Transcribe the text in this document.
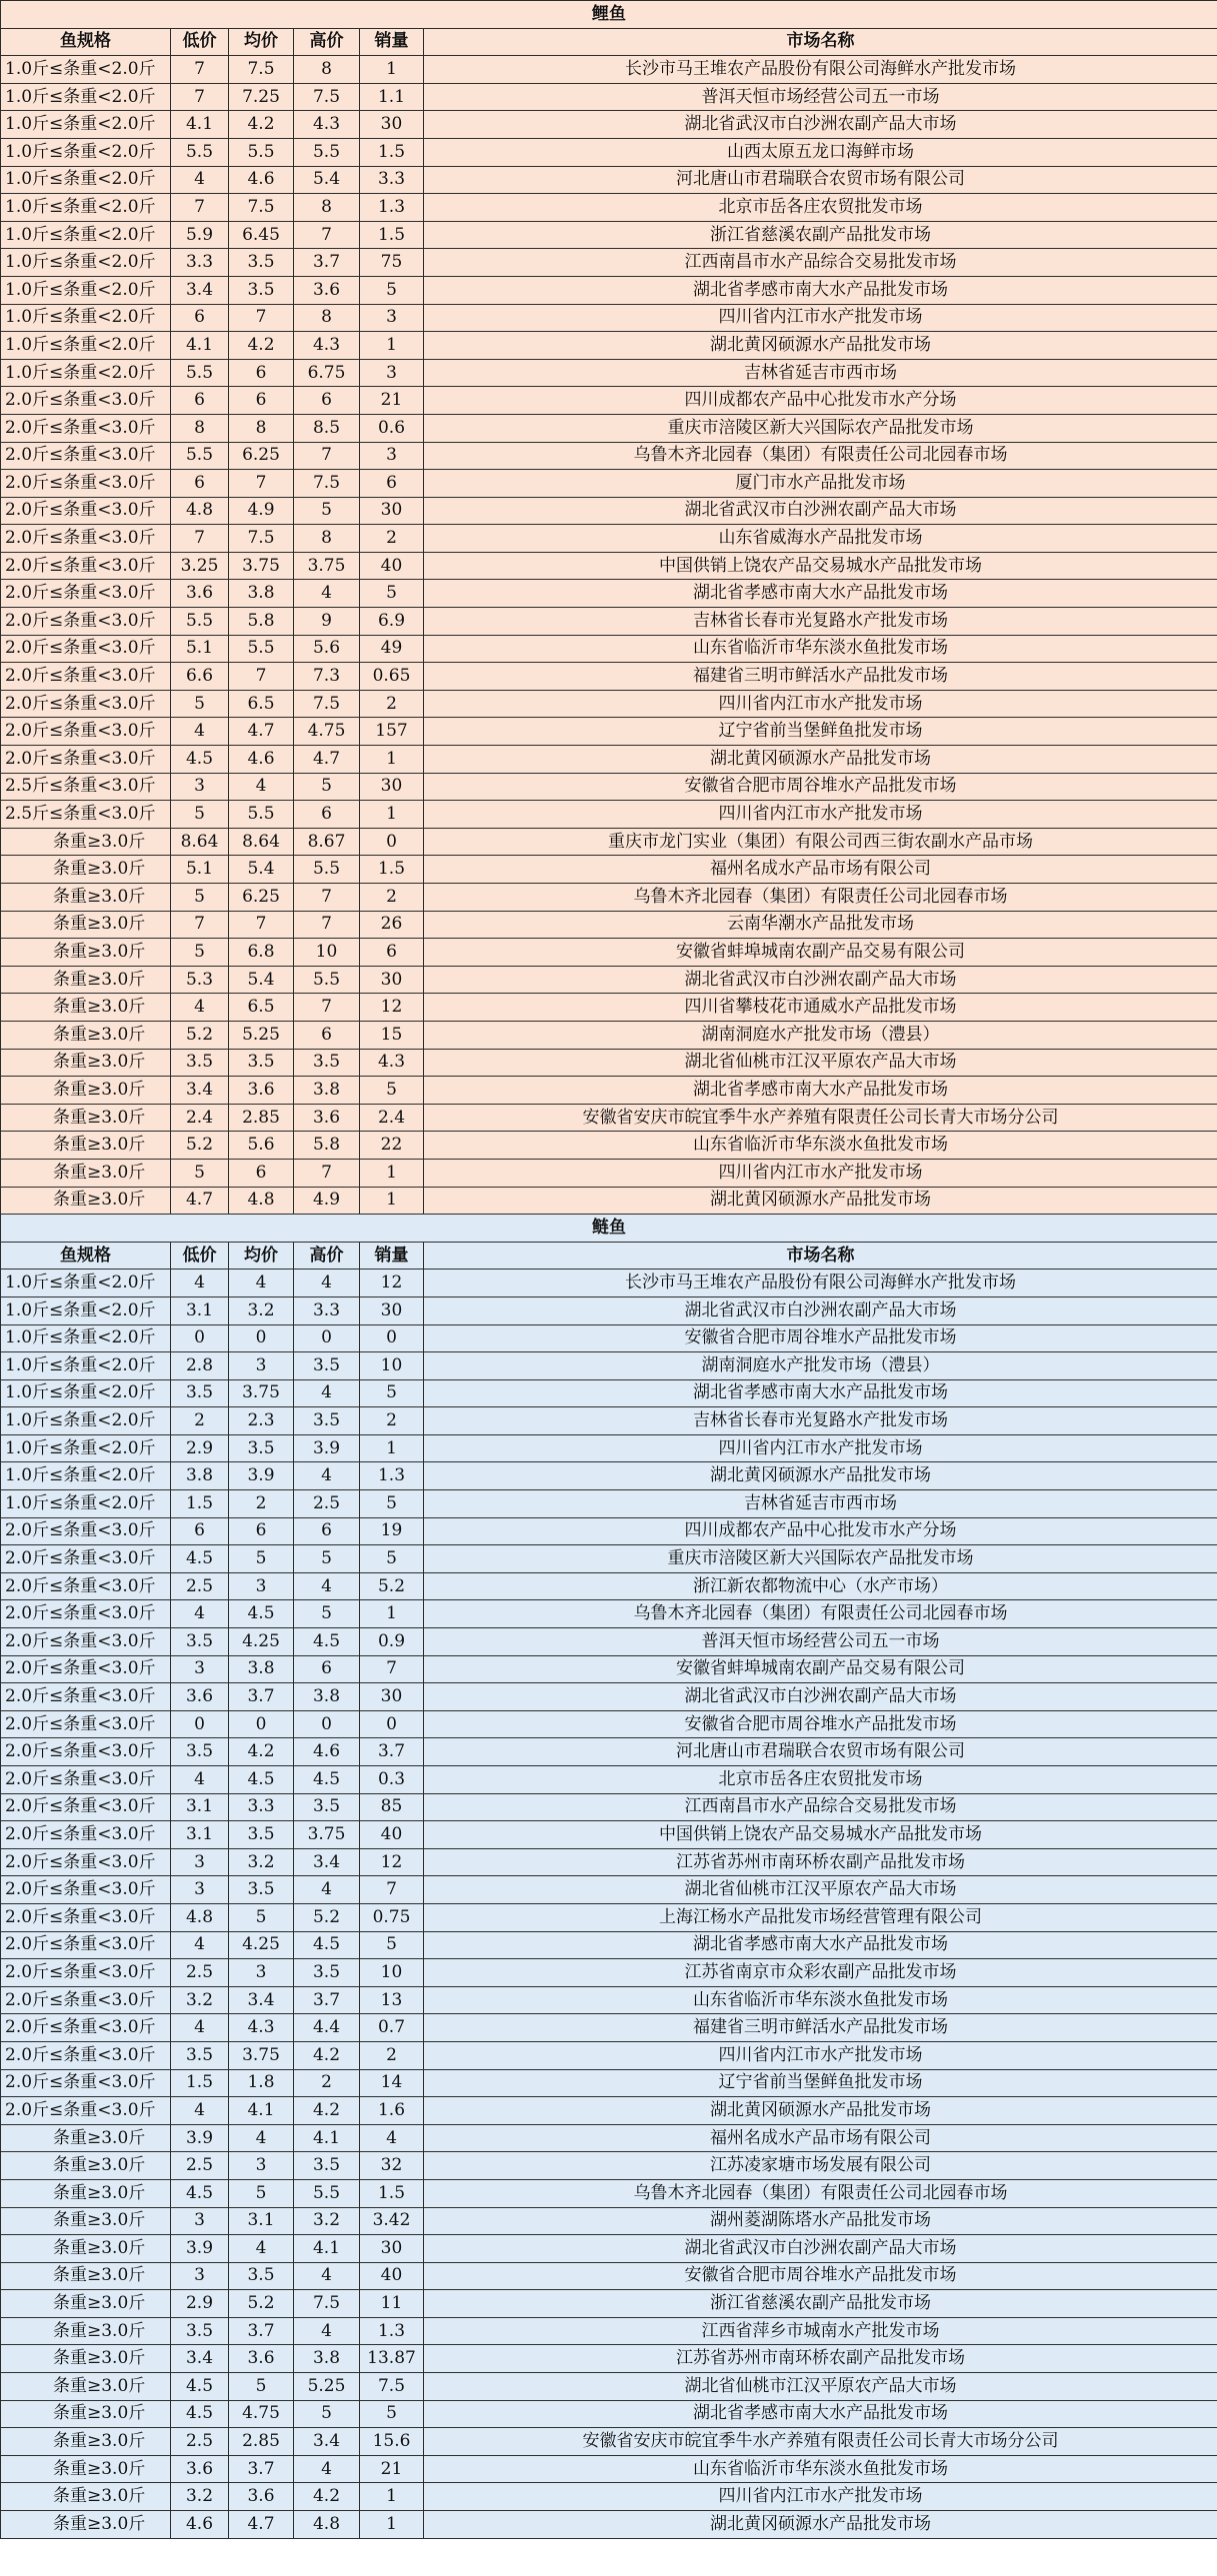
鲤鱼					
鱼规格	低价	均价	高价	销量	市场名称
1.0斤≤条重<2.0斤	7	7.5	8	1	长沙市马王堆农产品股份有限公司海鲜水产批发市场
1.0斤≤条重<2.0斤	7	7.25	7.5	1.1	普洱天恒市场经营公司五一市场
1.0斤≤条重<2.0斤	4.1	4.2	4.3	30	湖北省武汉市白沙洲农副产品大市场
1.0斤≤条重<2.0斤	5.5	5.5	5.5	1.5	山西太原五龙口海鲜市场
1.0斤≤条重<2.0斤	4	4.6	5.4	3.3	河北唐山市君瑞联合农贸市场有限公司
1.0斤≤条重<2.0斤	7	7.5	8	1.3	北京市岳各庄农贸批发市场
1.0斤≤条重<2.0斤	5.9	6.45	7	1.5	浙江省慈溪农副产品批发市场
1.0斤≤条重<2.0斤	3.3	3.5	3.7	75	江西南昌市水产品综合交易批发市场
1.0斤≤条重<2.0斤	3.4	3.5	3.6	5	湖北省孝感市南大水产品批发市场
1.0斤≤条重<2.0斤	6	7	8	3	四川省内江市水产批发市场
1.0斤≤条重<2.0斤	4.1	4.2	4.3	1	湖北黄冈硕源水产品批发市场
1.0斤≤条重<2.0斤	5.5	6	6.75	3	吉林省延吉市西市场
2.0斤≤条重<3.0斤	6	6	6	21	四川成都农产品中心批发市水产分场
2.0斤≤条重<3.0斤	8	8	8.5	0.6	重庆市涪陵区新大兴国际农产品批发市场
2.0斤≤条重<3.0斤	5.5	6.25	7	3	乌鲁木齐北园春（集团）有限责任公司北园春市场
2.0斤≤条重<3.0斤	6	7	7.5	6	厦门市水产品批发市场
2.0斤≤条重<3.0斤	4.8	4.9	5	30	湖北省武汉市白沙洲农副产品大市场
2.0斤≤条重<3.0斤	7	7.5	8	2	山东省威海水产品批发市场
2.0斤≤条重<3.0斤	3.25	3.75	3.75	40	中国供销上饶农产品交易城水产品批发市场
2.0斤≤条重<3.0斤	3.6	3.8	4	5	湖北省孝感市南大水产品批发市场
2.0斤≤条重<3.0斤	5.5	5.8	9	6.9	吉林省长春市光复路水产批发市场
2.0斤≤条重<3.0斤	5.1	5.5	5.6	49	山东省临沂市华东淡水鱼批发市场
2.0斤≤条重<3.0斤	6.6	7	7.3	0.65	福建省三明市鲜活水产品批发市场
2.0斤≤条重<3.0斤	5	6.5	7.5	2	四川省内江市水产批发市场
2.0斤≤条重<3.0斤	4	4.7	4.75	157	辽宁省前当堡鲜鱼批发市场
2.0斤≤条重<3.0斤	4.5	4.6	4.7	1	湖北黄冈硕源水产品批发市场
2.5斤≤条重<3.0斤	3	4	5	30	安徽省合肥市周谷堆水产品批发市场
2.5斤≤条重<3.0斤	5	5.5	6	1	四川省内江市水产批发市场
条重≥3.0斤	8.64	8.64	8.67	0	重庆市龙门实业（集团）有限公司西三街农副水产品市场
条重≥3.0斤	5.1	5.4	5.5	1.5	福州名成水产品市场有限公司
条重≥3.0斤	5	6.25	7	2	乌鲁木齐北园春（集团）有限责任公司北园春市场
条重≥3.0斤	7	7	7	26	云南华潮水产品批发市场
条重≥3.0斤	5	6.8	10	6	安徽省蚌埠城南农副产品交易有限公司
条重≥3.0斤	5.3	5.4	5.5	30	湖北省武汉市白沙洲农副产品大市场
条重≥3.0斤	4	6.5	7	12	四川省攀枝花市通威水产品批发市场
条重≥3.0斤	5.2	5.25	6	15	湖南洞庭水产批发市场（澧县）
条重≥3.0斤	3.5	3.5	3.5	4.3	湖北省仙桃市江汉平原农产品大市场
条重≥3.0斤	3.4	3.6	3.8	5	湖北省孝感市南大水产品批发市场
条重≥3.0斤	2.4	2.85	3.6	2.4	安徽省安庆市皖宜季牛水产养殖有限责任公司长青大市场分公司
条重≥3.0斤	5.2	5.6	5.8	22	山东省临沂市华东淡水鱼批发市场
条重≥3.0斤	5	6	7	1	四川省内江市水产批发市场
条重≥3.0斤	4.7	4.8	4.9	1	湖北黄冈硕源水产品批发市场
鲢鱼					
鱼规格	低价	均价	高价	销量	市场名称
1.0斤≤条重<2.0斤	4	4	4	12	长沙市马王堆农产品股份有限公司海鲜水产批发市场
1.0斤≤条重<2.0斤	3.1	3.2	3.3	30	湖北省武汉市白沙洲农副产品大市场
1.0斤≤条重<2.0斤	0	0	0	0	安徽省合肥市周谷堆水产品批发市场
1.0斤≤条重<2.0斤	2.8	3	3.5	10	湖南洞庭水产批发市场（澧县）
1.0斤≤条重<2.0斤	3.5	3.75	4	5	湖北省孝感市南大水产品批发市场
1.0斤≤条重<2.0斤	2	2.3	3.5	2	吉林省长春市光复路水产批发市场
1.0斤≤条重<2.0斤	2.9	3.5	3.9	1	四川省内江市水产批发市场
1.0斤≤条重<2.0斤	3.8	3.9	4	1.3	湖北黄冈硕源水产品批发市场
1.0斤≤条重<2.0斤	1.5	2	2.5	5	吉林省延吉市西市场
2.0斤≤条重<3.0斤	6	6	6	19	四川成都农产品中心批发市水产分场
2.0斤≤条重<3.0斤	4.5	5	5	5	重庆市涪陵区新大兴国际农产品批发市场
2.0斤≤条重<3.0斤	2.5	3	4	5.2	浙江新农都物流中心（水产市场）
2.0斤≤条重<3.0斤	4	4.5	5	1	乌鲁木齐北园春（集团）有限责任公司北园春市场
2.0斤≤条重<3.0斤	3.5	4.25	4.5	0.9	普洱天恒市场经营公司五一市场
2.0斤≤条重<3.0斤	3	3.8	6	7	安徽省蚌埠城南农副产品交易有限公司
2.0斤≤条重<3.0斤	3.6	3.7	3.8	30	湖北省武汉市白沙洲农副产品大市场
2.0斤≤条重<3.0斤	0	0	0	0	安徽省合肥市周谷堆水产品批发市场
2.0斤≤条重<3.0斤	3.5	4.2	4.6	3.7	河北唐山市君瑞联合农贸市场有限公司
2.0斤≤条重<3.0斤	4	4.5	4.5	0.3	北京市岳各庄农贸批发市场
2.0斤≤条重<3.0斤	3.1	3.3	3.5	85	江西南昌市水产品综合交易批发市场
2.0斤≤条重<3.0斤	3.1	3.5	3.75	40	中国供销上饶农产品交易城水产品批发市场
2.0斤≤条重<3.0斤	3	3.2	3.4	12	江苏省苏州市南环桥农副产品批发市场
2.0斤≤条重<3.0斤	3	3.5	4	7	湖北省仙桃市江汉平原农产品大市场
2.0斤≤条重<3.0斤	4.8	5	5.2	0.75	上海江杨水产品批发市场经营管理有限公司
2.0斤≤条重<3.0斤	4	4.25	4.5	5	湖北省孝感市南大水产品批发市场
2.0斤≤条重<3.0斤	2.5	3	3.5	10	江苏省南京市众彩农副产品批发市场
2.0斤≤条重<3.0斤	3.2	3.4	3.7	13	山东省临沂市华东淡水鱼批发市场
2.0斤≤条重<3.0斤	4	4.3	4.4	0.7	福建省三明市鲜活水产品批发市场
2.0斤≤条重<3.0斤	3.5	3.75	4.2	2	四川省内江市水产批发市场
2.0斤≤条重<3.0斤	1.5	1.8	2	14	辽宁省前当堡鲜鱼批发市场
2.0斤≤条重<3.0斤	4	4.1	4.2	1.6	湖北黄冈硕源水产品批发市场
条重≥3.0斤	3.9	4	4.1	4	福州名成水产品市场有限公司
条重≥3.0斤	2.5	3	3.5	32	江苏凌家塘市场发展有限公司
条重≥3.0斤	4.5	5	5.5	1.5	乌鲁木齐北园春（集团）有限责任公司北园春市场
条重≥3.0斤	3	3.1	3.2	3.42	湖州菱湖陈塔水产品批发市场
条重≥3.0斤	3.9	4	4.1	30	湖北省武汉市白沙洲农副产品大市场
条重≥3.0斤	3	3.5	4	40	安徽省合肥市周谷堆水产品批发市场
条重≥3.0斤	2.9	5.2	7.5	11	浙江省慈溪农副产品批发市场
条重≥3.0斤	3.5	3.7	4	1.3	江西省萍乡市城南水产批发市场
条重≥3.0斤	3.4	3.6	3.8	13.87	江苏省苏州市南环桥农副产品批发市场
条重≥3.0斤	4.5	5	5.25	7.5	湖北省仙桃市江汉平原农产品大市场
条重≥3.0斤	4.5	4.75	5	5	湖北省孝感市南大水产品批发市场
条重≥3.0斤	2.5	2.85	3.4	15.6	安徽省安庆市皖宜季牛水产养殖有限责任公司长青大市场分公司
条重≥3.0斤	3.6	3.7	4	21	山东省临沂市华东淡水鱼批发市场
条重≥3.0斤	3.2	3.6	4.2	1	四川省内江市水产批发市场
条重≥3.0斤	4.6	4.7	4.8	1	湖北黄冈硕源水产品批发市场
